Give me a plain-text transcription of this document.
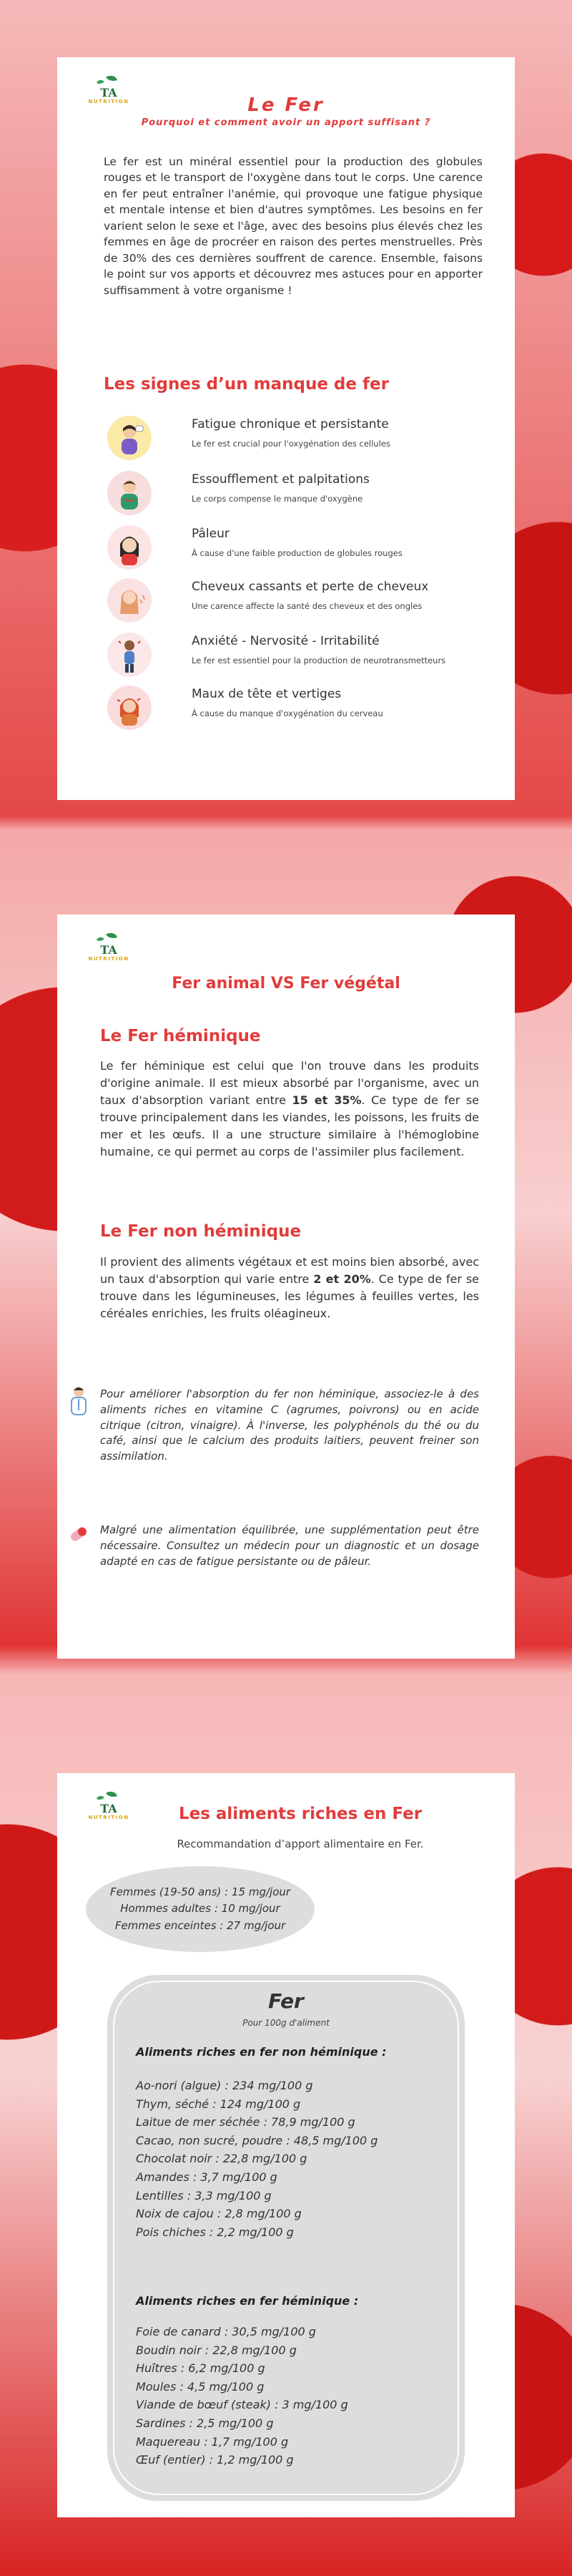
TA
NUTRITION	Le Fer

Pourquoi et comment avoir un apport suffisant ?

Le fer est un minéral essentiel pour la production des globules rouges et le transport de l'oxygène dans tout le corps. Une carence en fer peut entraîner l'anémie, qui provoque une fatigue physique et mentale intense et bien d'autres symptômes. Les besoins en fer varient selon le sexe et l'âge, avec des besoins plus élevés chez les femmes en âge de procréer en raison des pertes menstruelles. Près de 30% des ces dernières souffrent de carence. Ensemble, faisons le point sur vos apports et découvrez mes astuces pour en apporter suffisamment à votre organisme !

Les signes d’un manque de fer

Fatigue chronique et persistante
Le fer est crucial pour l'oxygénation des cellules
Essoufflement et palpitations
Le corps compense le manque d'oxygène
Pâleur
À cause d'une faible production de globules rouges
Cheveux cassants et perte de cheveux
Une carence affecte la santé des cheveux et des ongles
Anxiété - Nervosité - Irritabilité
Le fer est essentiel pour la production de neurotransmetteurs
Maux de tête et vertiges
À cause du manque d'oxygénation du cerveau
TA
NUTRITION

Fer animal VS Fer végétal

Le Fer héminique

Le fer héminique est celui que l'on trouve dans les produits d'origine animale. Il est mieux absorbé par l'organisme, avec un taux d'absorption variant entre 15 et 35%. Ce type de fer se trouve principalement dans les viandes, les poissons, les fruits de mer et les œufs. Il a une structure similaire à l'hémoglobine humaine, ce qui permet au corps de l'assimiler plus facilement.

Le Fer non héminique

Il provient des aliments végétaux et est moins bien absorbé, avec un taux d'absorption qui varie entre 2 et 20%. Ce type de fer se trouve dans les légumineuses, les légumes à feuilles vertes, les céréales enrichies, les fruits oléagineux.

Pour améliorer l'absorption du fer non héminique, associez-le à des aliments riches en vitamine C (agrumes, poivrons) ou en acide citrique (citron, vinaigre). À l'inverse, les polyphénols du thé ou du café, ainsi que le calcium des produits laitiers, peuvent freiner son assimilation.

Malgré une alimentation équilibrée, une supplémentation peut être nécessaire. Consultez un médecin pour un diagnostic et un dosage adapté en cas de fatigue persistante ou de pâleur.

TA
NUTRITION	Les aliments riches en Fer

Recommandation d’apport alimentaire en Fer.

Femmes (19-50 ans) : 15 mg/jour
Hommes adultes : 10 mg/jour
Femmes enceintes : 27 mg/jour

Fer

Pour 100g d'aliment

Aliments riches en fer non héminique :

Ao-nori (algue) : 234 mg/100 g
Thym, séché : 124 mg/100 g
Laitue de mer séchée : 78,9 mg/100 g
Cacao, non sucré, poudre : 48,5 mg/100 g
Chocolat noir : 22,8 mg/100 g
Amandes : 3,7 mg/100 g
Lentilles : 3,3 mg/100 g
Noix de cajou : 2,8 mg/100 g
Pois chiches : 2,2 mg/100 g

Aliments riches en fer héminique :

Foie de canard : 30,5 mg/100 g
Boudin noir : 22,8 mg/100 g
Huîtres : 6,2 mg/100 g
Moules : 4,5 mg/100 g
Viande de bœuf (steak) : 3 mg/100 g
Sardines : 2,5 mg/100 g
Maquereau : 1,7 mg/100 g
Œuf (entier) : 1,2 mg/100 g
